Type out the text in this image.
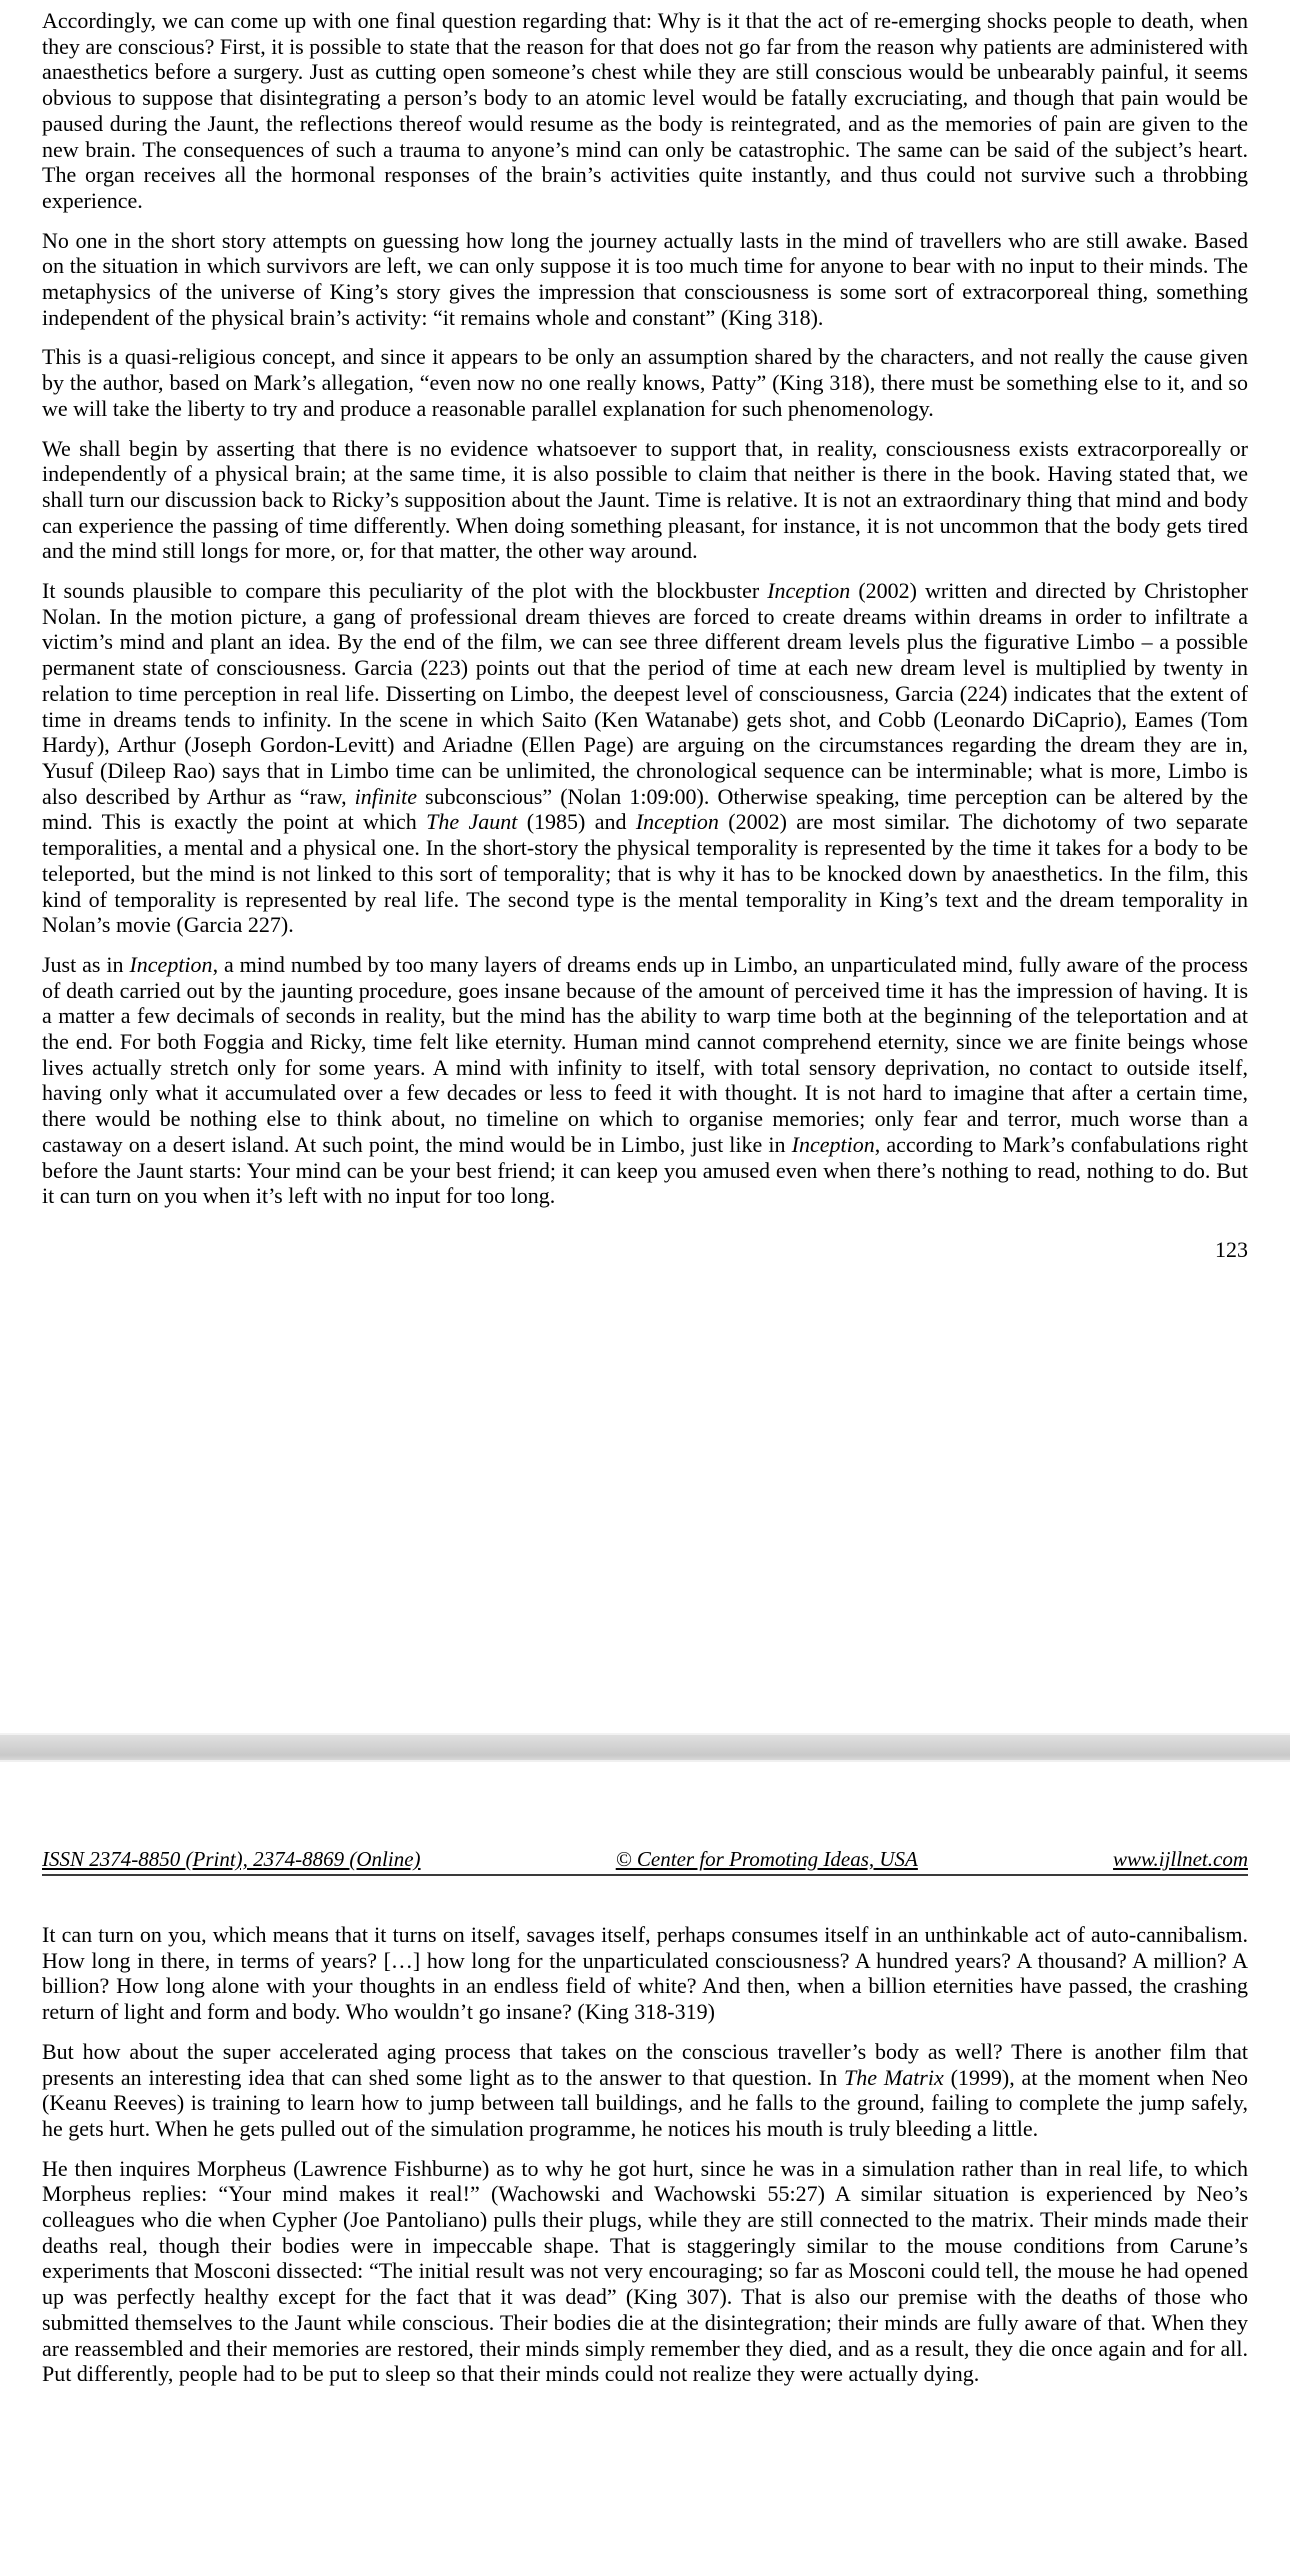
Accordingly, we can come up with one final question regarding that: Why is it that the act of re-emerging shocks people to death, when they are conscious? First, it is possible to state that the reason for that does not go far from the reason why patients are administered with anaesthetics before a surgery. Just as cutting open someone’s chest while they are still conscious would be unbearably painful, it seems obvious to suppose that disintegrating a person’s body to an atomic level would be fatally excruciating, and though that pain would be paused during the Jaunt, the reflections thereof would resume as the body is reintegrated, and as the memories of pain are given to the new brain. The consequences of such a trauma to anyone’s mind can only be catastrophic. The same can be said of the subject’s heart. The organ receives all the hormonal responses of the brain’s activities quite instantly, and thus could not survive such a throbbing experience.

No one in the short story attempts on guessing how long the journey actually lasts in the mind of travellers who are still awake. Based on the situation in which survivors are left, we can only suppose it is too much time for anyone to bear with no input to their minds. The metaphysics of the universe of King’s story gives the impression that consciousness is some sort of extracorporeal thing, something independent of the physical brain’s activity: “it remains whole and constant” (King 318).

This is a quasi-religious concept, and since it appears to be only an assumption shared by the characters, and not really the cause given by the author, based on Mark’s allegation, “even now no one really knows, Patty” (King 318), there must be something else to it, and so we will take the liberty to try and produce a reasonable parallel explanation for such phenomenology.

We shall begin by asserting that there is no evidence whatsoever to support that, in reality, consciousness exists extracorporeally or independently of a physical brain; at the same time, it is also possible to claim that neither is there in the book. Having stated that, we shall turn our discussion back to Ricky’s supposition about the Jaunt. Time is relative. It is not an extraordinary thing that mind and body can experience the passing of time differently. When doing something pleasant, for instance, it is not uncommon that the body gets tired and the mind still longs for more, or, for that matter, the other way around.

It sounds plausible to compare this peculiarity of the plot with the blockbuster Inception (2002) written and directed by Christopher Nolan. In the motion picture, a gang of professional dream thieves are forced to create dreams within dreams in order to infiltrate a victim’s mind and plant an idea. By the end of the film, we can see three different dream levels plus the figurative Limbo – a possible permanent state of consciousness. Garcia (223) points out that the period of time at each new dream level is multiplied by twenty in relation to time perception in real life. Disserting on Limbo, the deepest level of consciousness, Garcia (224) indicates that the extent of time in dreams tends to infinity. In the scene in which Saito (Ken Watanabe) gets shot, and Cobb (Leonardo DiCaprio), Eames (Tom Hardy), Arthur (Joseph Gordon-Levitt) and Ariadne (Ellen Page) are arguing on the circumstances regarding the dream they are in, Yusuf (Dileep Rao) says that in Limbo time can be unlimited, the chronological sequence can be interminable; what is more, Limbo is also described by Arthur as “raw, infinite subconscious” (Nolan 1:09:00). Otherwise speaking, time perception can be altered by the mind. This is exactly the point at which The Jaunt (1985) and Inception (2002) are most similar. The dichotomy of two separate temporalities, a mental and a physical one. In the short-story the physical temporality is represented by the time it takes for a body to be teleported, but the mind is not linked to this sort of temporality; that is why it has to be knocked down by anaesthetics. In the film, this kind of temporality is represented by real life. The second type is the mental temporality in King’s text and the dream temporality in Nolan’s movie (Garcia 227).

Just as in Inception, a mind numbed by too many layers of dreams ends up in Limbo, an unparticulated mind, fully aware of the process of death carried out by the jaunting procedure, goes insane because of the amount of perceived time it has the impression of having. It is a matter a few decimals of seconds in reality, but the mind has the ability to warp time both at the beginning of the teleportation and at the end. For both Foggia and Ricky, time felt like eternity. Human mind cannot comprehend eternity, since we are finite beings whose lives actually stretch only for some years. A mind with infinity to itself, with total sensory deprivation, no contact to outside itself, having only what it accumulated over a few decades or less to feed it with thought. It is not hard to imagine that after a certain time, there would be nothing else to think about, no timeline on which to organise memories; only fear and terror, much worse than a castaway on a desert island. At such point, the mind would be in Limbo, just like in Inception, according to Mark’s confabulations right before the Jaunt starts: Your mind can be your best friend; it can keep you amused even when there’s nothing to read, nothing to do. But it can turn on you when it’s left with no input for too long.

123
ISSN 2374-8850 (Print), 2374-8869 (Online)	© Center for Promoting Ideas, USA	www.ijllnet.com

It can turn on you, which means that it turns on itself, savages itself, perhaps consumes itself in an unthinkable act of auto-cannibalism. How long in there, in terms of years? […] how long for the unparticulated consciousness? A hundred years? A thousand? A million? A billion? How long alone with your thoughts in an endless field of white? And then, when a billion eternities have passed, the crashing return of light and form and body. Who wouldn’t go insane? (King 318-319)

But how about the super accelerated aging process that takes on the conscious traveller’s body as well? There is another film that presents an interesting idea that can shed some light as to the answer to that question. In The Matrix (1999), at the moment when Neo (Keanu Reeves) is training to learn how to jump between tall buildings, and he falls to the ground, failing to complete the jump safely, he gets hurt. When he gets pulled out of the simulation programme, he notices his mouth is truly bleeding a little.

He then inquires Morpheus (Lawrence Fishburne) as to why he got hurt, since he was in a simulation rather than in real life, to which Morpheus replies: “Your mind makes it real!” (Wachowski and Wachowski 55:27) A similar situation is experienced by Neo’s colleagues who die when Cypher (Joe Pantoliano) pulls their plugs, while they are still connected to the matrix. Their minds made their deaths real, though their bodies were in impeccable shape. That is staggeringly similar to the mouse conditions from Carune’s experiments that Mosconi dissected: “The initial result was not very encouraging; so far as Mosconi could tell, the mouse he had opened up was perfectly healthy except for the fact that it was dead” (King 307). That is also our premise with the deaths of those who submitted themselves to the Jaunt while conscious. Their bodies die at the disintegration; their minds are fully aware of that. When they are reassembled and their memories are restored, their minds simply remember they died, and as a result, they die once again and for all. Put differently, people had to be put to sleep so that their minds could not realize they were actually dying.
